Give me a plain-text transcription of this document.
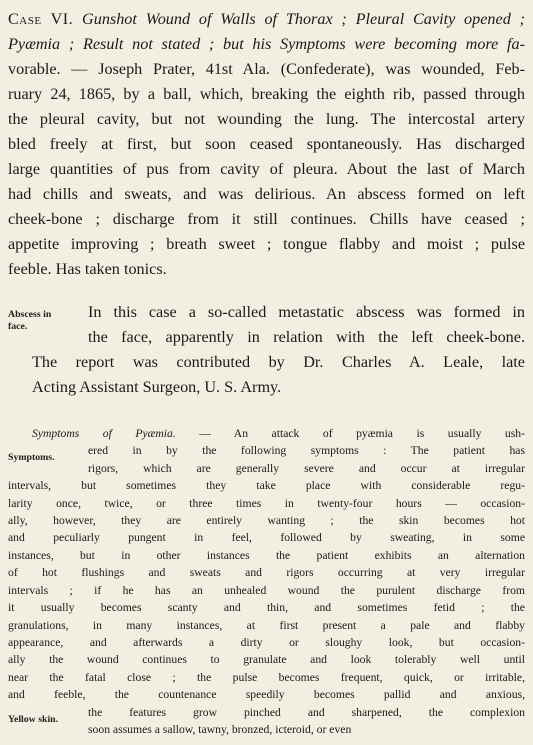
Case VI. Gunshot Wound of Walls of Thorax ; Pleural Cavity opened ;
Pyæmia ; Result not stated ; but his Symptoms were becoming more fa-
vorable. — Joseph Prater, 41st Ala. (Confederate), was wounded, Feb-
ruary 24, 1865, by a ball, which, breaking the eighth rib, passed through
the pleural cavity, but not wounding the lung. The intercostal artery
bled freely at first, but soon ceased spontaneously. Has discharged
large quantities of pus from cavity of pleura. About the last of March
had chills and sweats, and was delirious. An abscess formed on left
cheek-bone ; discharge from it still continues. Chills have ceased ;
appetite improving ; breath sweet ; tongue flabby and moist ; pulse
feeble. Has taken tonics.
Abscess in
face.
In this case a so-called metastatic abscess was formed in
the face, apparently in relation with the left cheek-bone.
The report was contributed by Dr. Charles A. Leale, late
Acting Assistant Surgeon, U. S. Army.
Symptoms of Pyæmia. — An attack of pyæmia is usually ush-
Symptoms.
ered in by the following symptoms : The patient has
rigors, which are generally severe and occur at irregular
intervals, but sometimes they take place with considerable regu-
larity once, twice, or three times in twenty-four hours — occasion-
ally, however, they are entirely wanting ; the skin becomes hot
and peculiarly pungent in feel, followed by sweating, in some
instances, but in other instances the patient exhibits an alternation
of hot flushings and sweats and rigors occurring at very irregular
intervals ; if he has an unhealed wound the purulent discharge from
it usually becomes scanty and thin, and sometimes fetid ; the
granulations, in many instances, at first present a pale and flabby
appearance, and afterwards a dirty or sloughy look, but occasion-
ally the wound continues to granulate and look tolerably well until
near the fatal close ; the pulse becomes frequent, quick, or irritable,
and feeble, the countenance speedily becomes pallid and anxious,
the features grow pinched and sharpened, the complexion
soon assumes a sallow, tawny, bronzed, icteroid, or even
Yellow skin.
